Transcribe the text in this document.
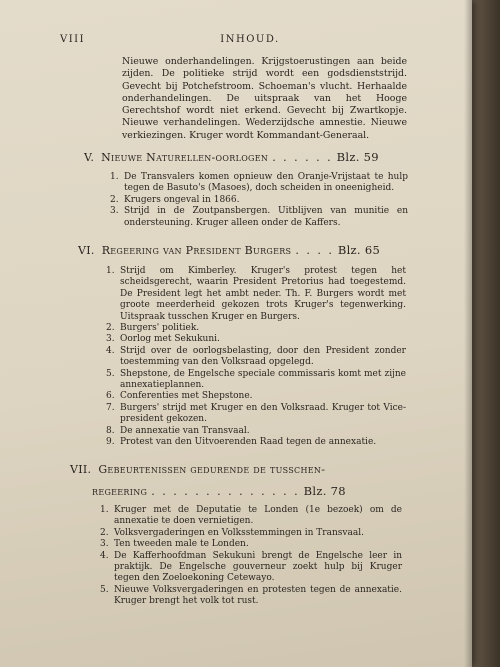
VIII	INHOUD.
Nieuwe onderhandelingen. Krijgstoerustingen aan beide zijden. De politieke strijd wordt een godsdienststrijd. Gevecht bij Potchefstroom. Schoeman's vlucht. Herhaalde onderhandelingen. De uitspraak van het Hooge Gerechtshof wordt niet erkend. Gevecht bij Zwartkopje. Nieuwe verhandelingen. Wederzijdsche amnestie. Nieuwe verkiezingen. Kruger wordt Kommandant-Generaal.
V. Nieuwe Naturellen-oorlogen . . . . . . Blz. 59
1. De Transvalers komen opnieuw den Oranje-Vrijstaat te hulp tegen de Basuto's (Masoes), doch scheiden in oneenigheid.
2. Krugers ongeval in 1866.
3. Strijd in de Zoutpansbergen. Uitblijven van munitie en ondersteuning. Kruger alleen onder de Kaffers.
VI. Regeering van President Burgers . . . . Blz. 65
1. Strijd om Kimberley. Kruger's protest tegen het scheidsgerecht, waarin President Pretorius had toegestemd. De President legt het ambt neder. Th. F. Burgers wordt met groote meerderheid gekozen trots Kruger's tegenwerking. Uitspraak tusschen Kruger en Burgers.
2. Burgers' politiek.
3. Oorlog met Sekukuni.
4. Strijd over de oorlogsbelasting, door den President zonder toestemming van den Volksraad opgelegd.
5. Shepstone, de Engelsche speciale commissaris komt met zijne annexatieplannen.
6. Conferenties met Shepstone.
7. Burgers' strijd met Kruger en den Volksraad. Kruger tot Vice-president gekozen.
8. De annexatie van Transvaal.
9. Protest van den Uitvoerenden Raad tegen de annexatie.
VII. Gebeurtenissen gedurende de tusschen-
regeering . . . . . . . . . . . . . . Blz. 78
1. Kruger met de Deputatie te Londen (1e bezoek) om de annexatie te doen vernietigen.
2. Volksvergaderingen en Volksstemmingen in Transvaal.
3. Ten tweeden male te Londen.
4. De Kafferhoofdman Sekukuni brengt de Engelsche leer in praktijk. De Engelsche gouverneur zoekt hulp bij Kruger tegen den Zoeloekoning Cetewayo.
5. Nieuwe Volksvergaderingen en protesten tegen de annexatie. Kruger brengt het volk tot rust.
